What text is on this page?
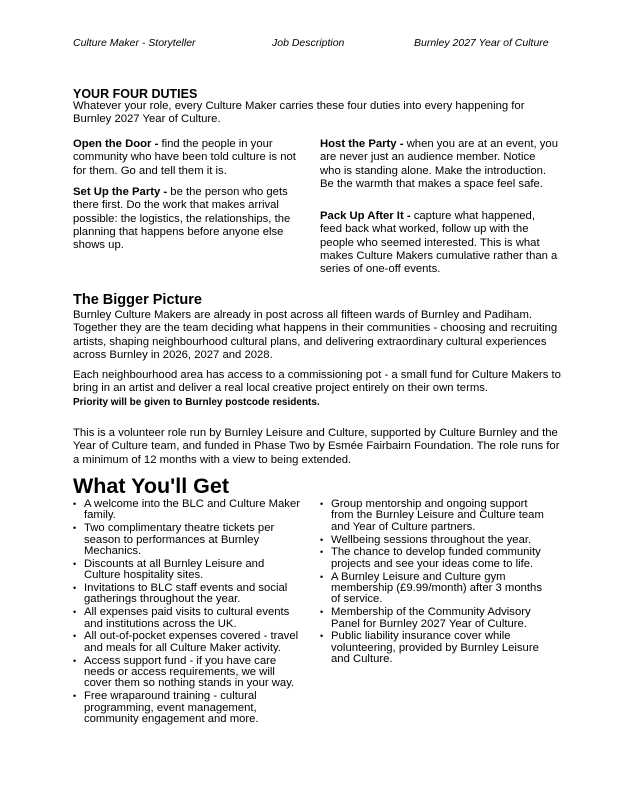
Culture Maker - Storyteller	Job Description	Burnley 2027 Year of Culture
YOUR FOUR DUTIES
Whatever your role, every Culture Maker carries these four duties into every happening for Burnley 2027 Year of Culture.
Open the Door - find the people in your community who have been told culture is not for them. Go and tell them it is.
Set Up the Party - be the person who gets there first. Do the work that makes arrival possible: the logistics, the relationships, the planning that happens before anyone else shows up.
Host the Party - when you are at an event, you are never just an audience member. Notice who is standing alone. Make the introduction. Be the warmth that makes a space feel safe.
Pack Up After It - capture what happened, feed back what worked, follow up with the people who seemed interested. This is what makes Culture Makers cumulative rather than a series of one-off events.
The Bigger Picture
Burnley Culture Makers are already in post across all fifteen wards of Burnley and Padiham. Together they are the team deciding what happens in their communities - choosing and recruiting artists, shaping neighbourhood cultural plans, and delivering extraordinary cultural experiences across Burnley in 2026, 2027 and 2028.
Each neighbourhood area has access to a commissioning pot - a small fund for Culture Makers to bring in an artist and deliver a real local creative project entirely on their own terms.
Priority will be given to Burnley postcode residents.
This is a volunteer role run by Burnley Leisure and Culture, supported by Culture Burnley and the Year of Culture team, and funded in Phase Two by Esmée Fairbairn Foundation. The role runs for a minimum of 12 months with a view to being extended.
What You'll Get
• A welcome into the BLC and Culture Maker family.
• Two complimentary theatre tickets per season to performances at Burnley Mechanics.
• Discounts at all Burnley Leisure and Culture hospitality sites.
• Invitations to BLC staff events and social gatherings throughout the year.
• All expenses paid visits to cultural events and institutions across the UK.
• All out-of-pocket expenses covered - travel and meals for all Culture Maker activity.
• Access support fund - if you have care needs or access requirements, we will cover them so nothing stands in your way.
• Free wraparound training - cultural programming, event management, community engagement and more.
• Group mentorship and ongoing support from the Burnley Leisure and Culture team and Year of Culture partners.
• Wellbeing sessions throughout the year.
• The chance to develop funded community projects and see your ideas come to life.
• A Burnley Leisure and Culture gym membership (£9.99/month) after 3 months of service.
• Membership of the Community Advisory Panel for Burnley 2027 Year of Culture.
• Public liability insurance cover while volunteering, provided by Burnley Leisure and Culture.
